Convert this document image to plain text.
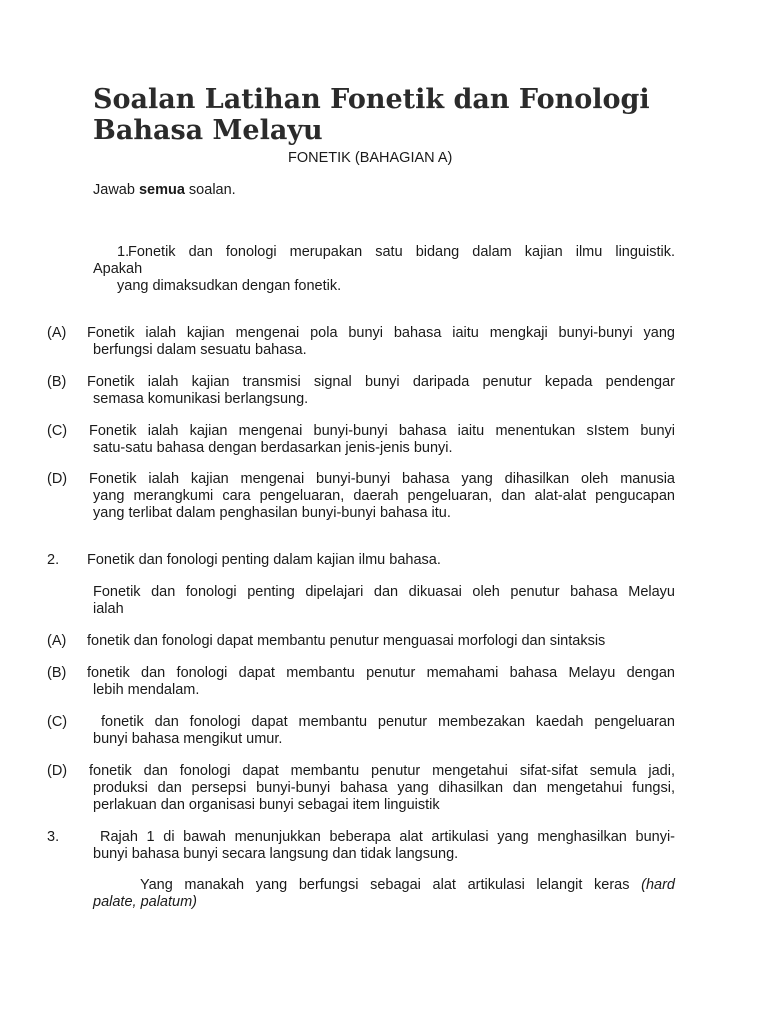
Soalan Latihan Fonetik dan Fonologi
Bahasa Melayu

FONETIK (BAHAGIAN A)

Jawab semua soalan.

1.
Fonetik dan fonologi merupakan satu bidang dalam kajian ilmu linguistik.
Apakah
yang dimaksudkan dengan fonetik.
(A) Fonetik ialah kajian mengenai pola bunyi bahasa iaitu mengkaji bunyi-bunyi yang
berfungsi dalam sesuatu bahasa.
(B) Fonetik ialah kajian transmisi signal bunyi daripada penutur kepada pendengar
semasa komunikasi berlangsung.
(C) Fonetik ialah kajian mengenai bunyi-bunyi bahasa iaitu menentukan sIstem bunyi
satu-satu bahasa dengan berdasarkan jenis-jenis bunyi.
(D) Fonetik ialah kajian mengenai bunyi-bunyi bahasa yang dihasilkan oleh manusia
yang merangkumi cara pengeluaran, daerah pengeluaran, dan alat-alat pengucapan
yang terlibat dalam penghasilan bunyi-bunyi bahasa itu.
2. Fonetik dan fonologi penting dalam kajian ilmu bahasa.
Fonetik dan fonologi penting dipelajari dan dikuasai oleh penutur bahasa Melayu
ialah
(A) fonetik dan fonologi dapat membantu penutur menguasai morfologi dan sintaksis
(B) fonetik dan fonologi dapat membantu penutur memahami bahasa Melayu dengan
lebih mendalam.
(C)	fonetik dan fonologi dapat membantu penutur membezakan kaedah pengeluaran
bunyi bahasa mengikut umur.
(D) fonetik dan fonologi dapat membantu penutur mengetahui sifat-sifat semula jadi,
produksi dan persepsi bunyi-bunyi bahasa yang dihasilkan dan mengetahui fungsi,
perlakuan dan organisasi bunyi sebagai item linguistik
3.	Rajah 1 di bawah menunjukkan beberapa alat artikulasi yang menghasilkan bunyi-
bunyi bahasa bunyi secara langsung dan tidak langsung.
Yang manakah yang berfungsi sebagai alat artikulasi lelangit keras (hard
palate, palatum)
